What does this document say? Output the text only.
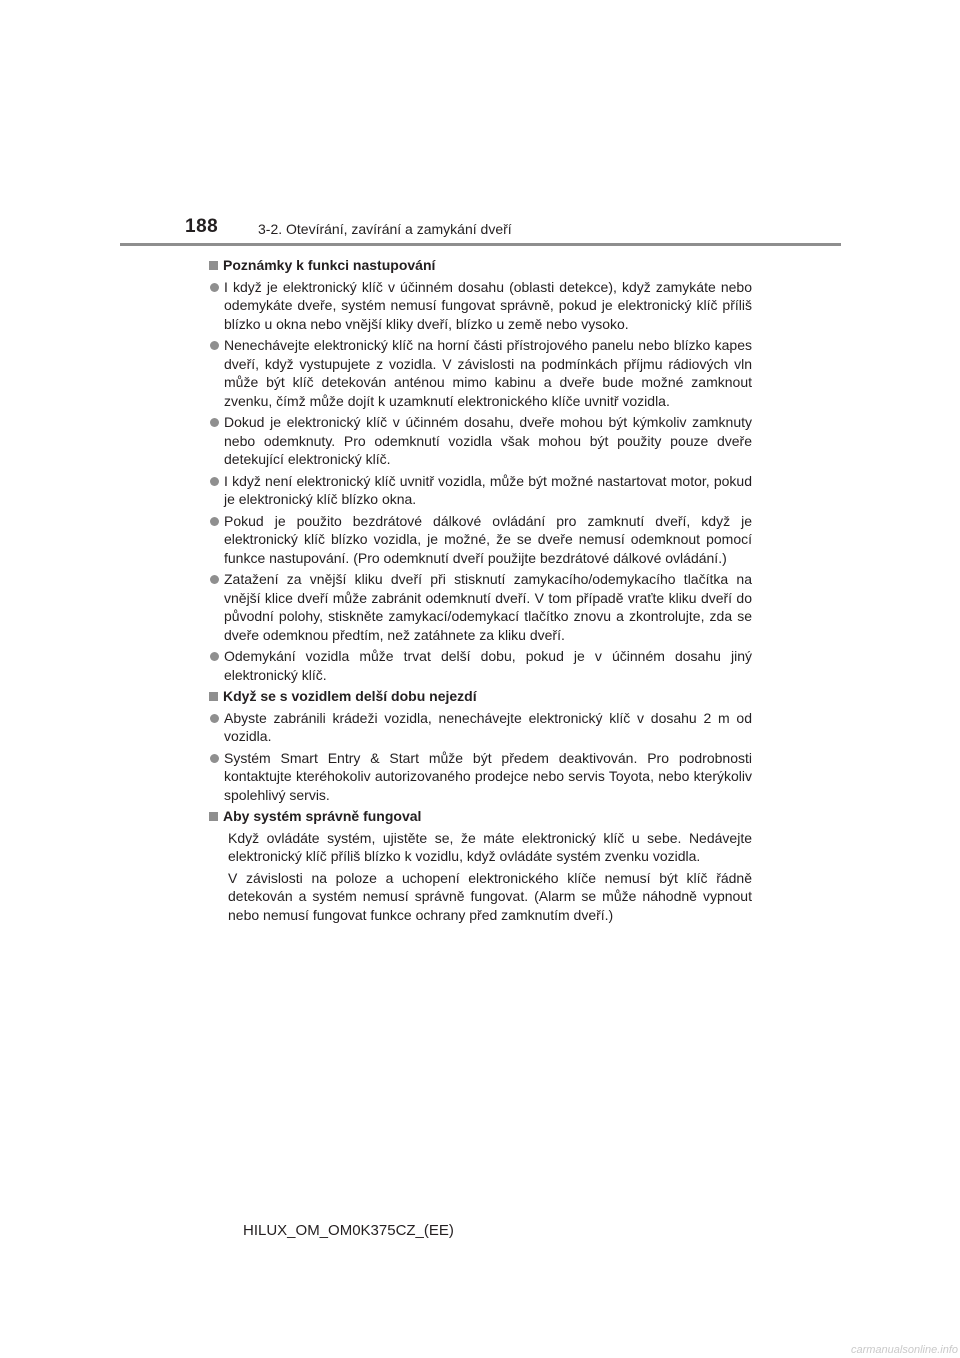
188	3-2. Otevírání, zavírání a zamykání dveří
Poznámky k funkci nastupování
I když je elektronický klíč v účinném dosahu (oblasti detekce), když zamykáte nebo odemykáte dveře, systém nemusí fungovat správně, pokud je elektronický klíč příliš blízko u okna nebo vnější kliky dveří, blízko u země nebo vysoko.
Nenechávejte elektronický klíč na horní části přístrojového panelu nebo blízko kapes dveří, když vystupujete z vozidla. V závislosti na podmínkách příjmu rádiových vln může být klíč detekován anténou mimo kabinu a dveře bude možné zamknout zvenku, čímž může dojít k uzamknutí elektronického klíče uvnitř vozidla.
Dokud je elektronický klíč v účinném dosahu, dveře mohou být kýmkoliv zamknuty nebo odemknuty. Pro odemknutí vozidla však mohou být použity pouze dveře detekující elektronický klíč.
I když není elektronický klíč uvnitř vozidla, může být možné nastartovat motor, pokud je elektronický klíč blízko okna.
Pokud je použito bezdrátové dálkové ovládání pro zamknutí dveří, když je elektronický klíč blízko vozidla, je možné, že se dveře nemusí odemknout pomocí funkce nastupování. (Pro odemknutí dveří použijte bezdrátové dálkové ovládání.)
Zatažení za vnější kliku dveří při stisknutí zamykacího/odemykacího tlačítka na vnější klice dveří může zabránit odemknutí dveří. V tom případě vraťte kliku dveří do původní polohy, stiskněte zamykací/odemykací tlačítko znovu a zkontrolujte, zda se dveře odemknou předtím, než zatáhnete za kliku dveří.
Odemykání vozidla může trvat delší dobu, pokud je v účinném dosahu jiný elektronický klíč.
Když se s vozidlem delší dobu nejezdí
Abyste zabránili krádeži vozidla, nenechávejte elektronický klíč v dosahu 2 m od vozidla.
Systém Smart Entry & Start může být předem deaktivován. Pro podrobnosti kontaktujte kteréhokoliv autorizovaného prodejce nebo servis Toyota, nebo kterýkoliv spolehlivý servis.
Aby systém správně fungoval

Když ovládáte systém, ujistěte se, že máte elektronický klíč u sebe. Nedávejte elektronický klíč příliš blízko k vozidlu, když ovládáte systém zvenku vozidla.

V závislosti na poloze a uchopení elektronického klíče nemusí být klíč řádně detekován a systém nemusí správně fungovat. (Alarm se může náhodně vypnout nebo nemusí fungovat funkce ochrany před zamknutím dveří.)

HILUX_OM_OM0K375CZ_(EE)
carmanualsonline.info
